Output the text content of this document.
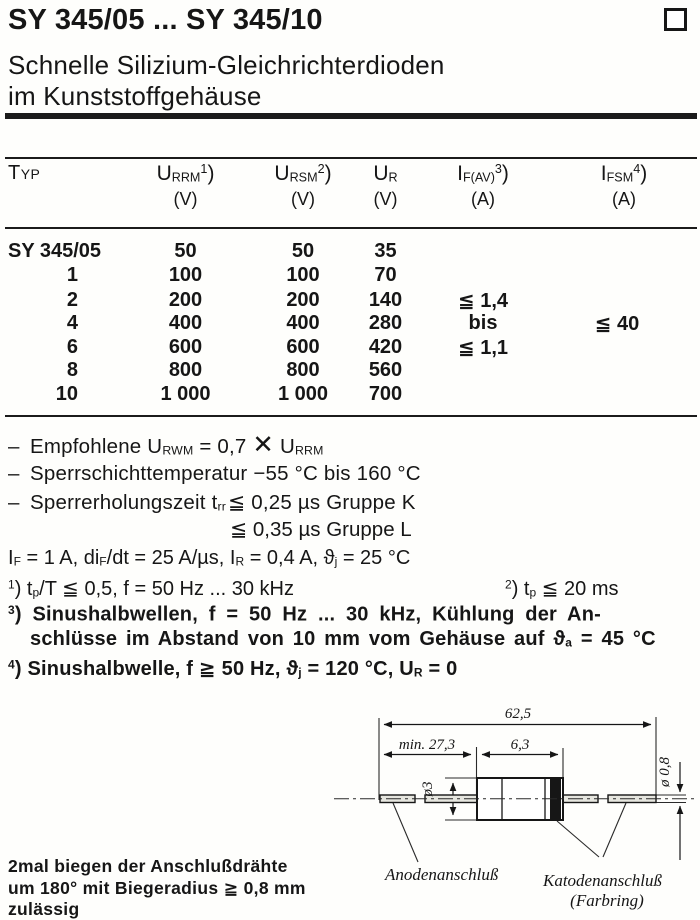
SY 345/05 ... SY 345/10
Schnelle Silizium-Gleichrichterdioden
im Kunststoffgehäuse
Typ	$U_{RRM}^1$)	$U_{RSM}^2$)	$U_R$	$I_{F(AV)}^3$)	$I_{FSM}^4$)
(V)	(V)	(V)	(A)	(A)
SY 345/05	50	50	35
1	100	100	70
2	200	200	140	≦ 1,4
4	400	400	280	bis	≦ 40
6	600	600	420	≦ 1,1
8	800	800	560
10	1 000	1 000	700
– Empfohlene $U_{RWM} = 0,7$ ✕ $U_{RRM}$
– Sperrschichttemperatur −55 °C bis 160 °C
– Sperrerholungszeit $t_{rr}≦$ 0,25 µs Gruppe K
≦ 0,35 µs Gruppe L
$I_F = 1$ A, $di_F/dt = 25$ A/µs, $I_R = 0,4$ A, $ϑ_j = 25$ °C
$^1$) $t_p/T$ ≦ 0,5, f = 50 Hz ... 30 kHz	$^2$) $t_p$ ≦ 20 ms
$^3$) Sinushalbwellen, f = 50 Hz ... 30 kHz, Kühlung der An-
schlüsse im Abstand von 10 mm vom Gehäuse auf $ϑ_a = 45$ °C
$^4$) Sinushalbwelle, f ≧ 50 Hz, $ϑ_j = 120$ °C, $U_R = 0$
2mal biegen der Anschlußdrähte
um 180° mit Biegeradius ≧ 0,8 mm
zulässig
62,5
min. 27,3	6,3
ø3
ø 0,8
Anodenanschluß	Katodenanschluß
(Farbring)
